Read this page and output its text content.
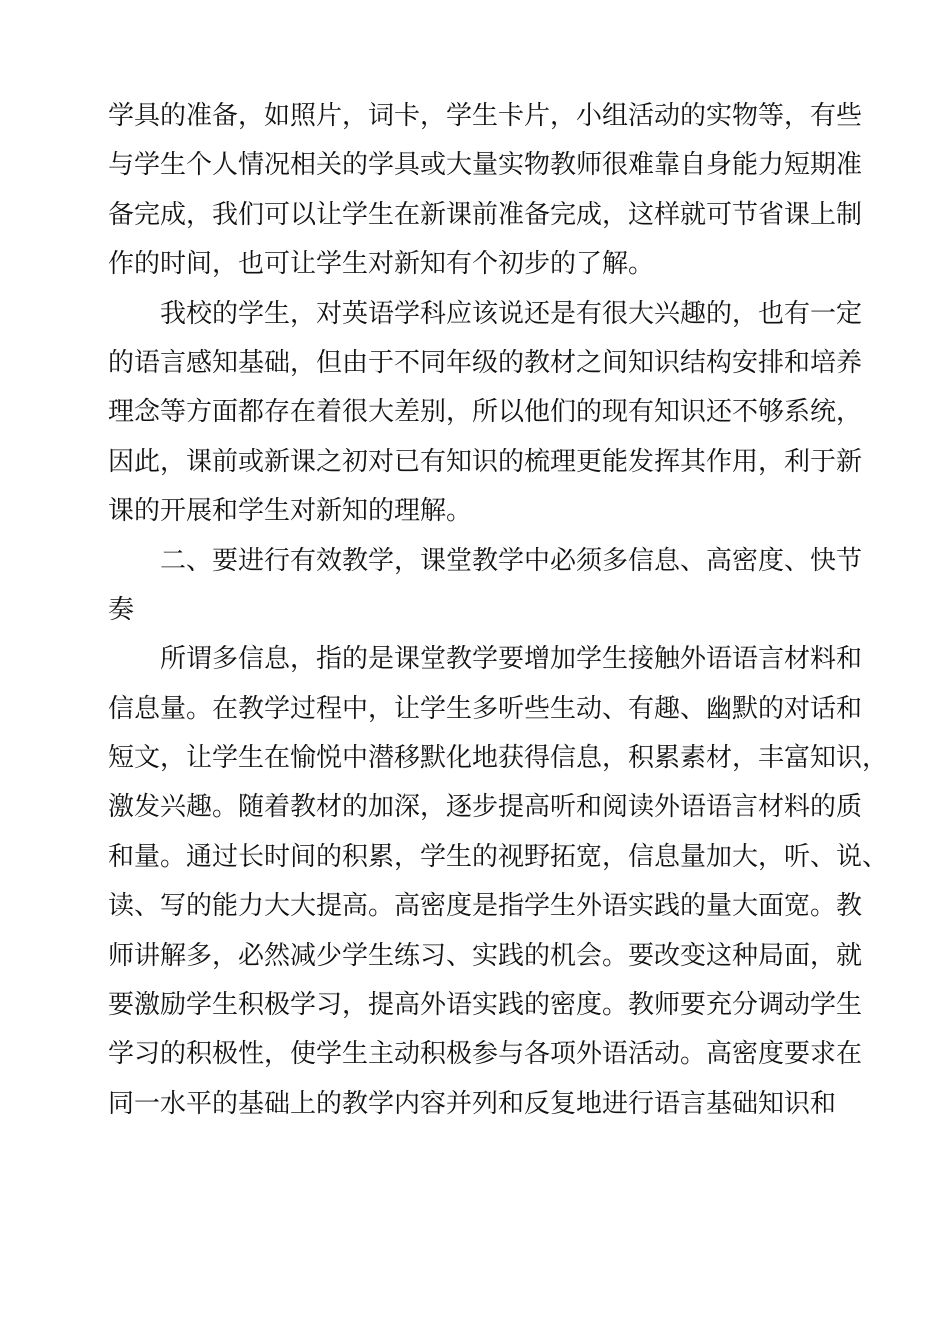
学具的准备，如照片，词卡，学生卡片，小组活动的实物等，有些
与学生个人情况相关的学具或大量实物教师很难靠自身能力短期准
备完成，我们可以让学生在新课前准备完成，这样就可节省课上制
作的时间，也可让学生对新知有个初步的了解。
我校的学生，对英语学科应该说还是有很大兴趣的，也有一定
的语言感知基础，但由于不同年级的教材之间知识结构安排和培养
理念等方面都存在着很大差别，所以他们的现有知识还不够系统，
因此，课前或新课之初对已有知识的梳理更能发挥其作用，利于新
课的开展和学生对新知的理解。
二、要进行有效教学，课堂教学中必须多信息、高密度、快节
奏
所谓多信息，指的是课堂教学要增加学生接触外语语言材料和
信息量。在教学过程中，让学生多听些生动、有趣、幽默的对话和
短文，让学生在愉悦中潜移默化地获得信息，积累素材，丰富知识，
激发兴趣。随着教材的加深，逐步提高听和阅读外语语言材料的质
和量。通过长时间的积累，学生的视野拓宽，信息量加大，听、说、
读、写的能力大大提高。高密度是指学生外语实践的量大面宽。教
师讲解多，必然减少学生练习、实践的机会。要改变这种局面，就
要激励学生积极学习，提高外语实践的密度。教师要充分调动学生
学习的积极性，使学生主动积极参与各项外语活动。高密度要求在
同一水平的基础上的教学内容并列和反复地进行语言基础知识和
